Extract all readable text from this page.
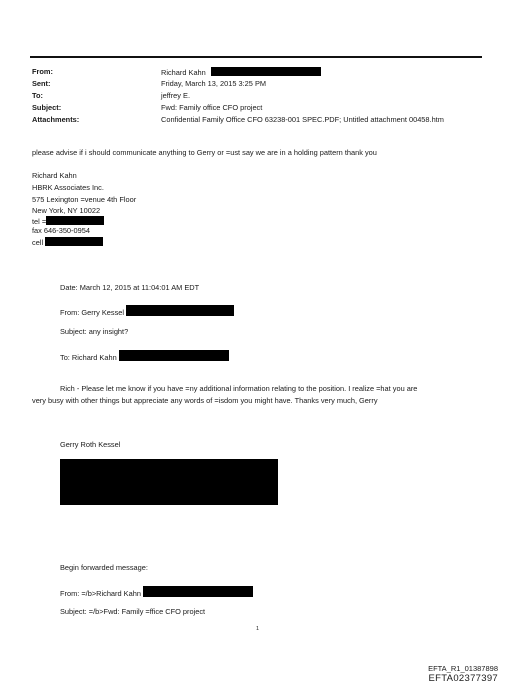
From:	Richard Kahn
Sent:	Friday, March 13, 2015 3:25 PM
To:	jeffrey E.
Subject:	Fwd: Family office CFO project
Attachments:	Confidential Family Office CFO 63238-001 SPEC.PDF; Untitled attachment 00458.htm
please advise if i should communicate anything to Gerry or =ust say we are in a holding pattern thank you
Richard Kahn
HBRK Associates Inc.
575 Lexington =venue 4th Floor
New York, NY 10022
tel =
fax 646-350-0954
cell
Date: March 12, 2015 at 11:04:01 AM EDT
From: Gerry Kessel
Subject: any insight?
To: Richard Kahn
Rich - Please let me know if you have =ny additional information relating to the position. I realize =hat you are
very busy with other things but appreciate any words of =isdom you might have. Thanks very much, Gerry
Gerry Roth Kessel
Begin forwarded message:
From: =/b>Richard Kahn
Subject: =/b>Fwd: Family =ffice CFO project
1
EFTA_R1_01387898
EFTA02377397
